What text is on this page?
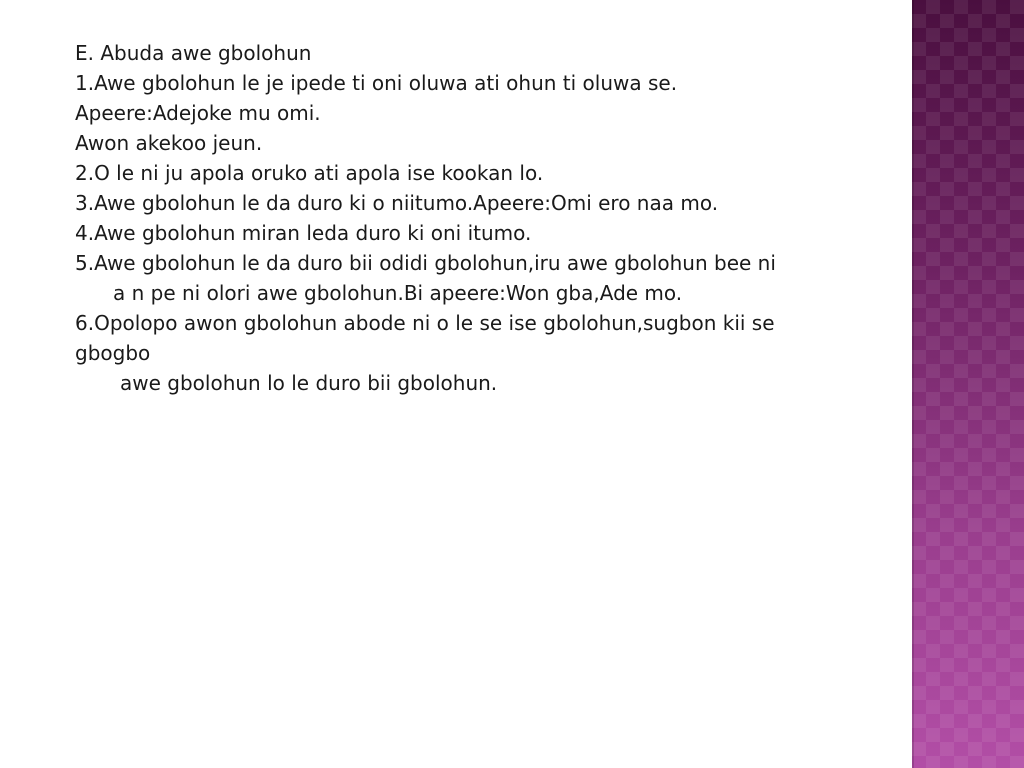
E. Abuda awe gbolohun
1.Awe gbolohun le je ipede ti oni oluwa ati ohun ti oluwa se.
Apeere:Adejoke mu omi.
Awon akekoo jeun.
2.O le ni ju apola oruko ati apola ise kookan lo.
3.Awe gbolohun le da duro ki o niitumo.Apeere:Omi ero naa mo.
4.Awe gbolohun miran leda duro ki oni itumo.
5.Awe gbolohun le da duro bii odidi gbolohun,iru awe gbolohun bee ni
a n pe ni olori awe gbolohun.Bi apeere:Won gba,Ade mo.
6.Opolopo awon gbolohun abode ni o le se ise gbolohun,sugbon kii se
gbogbo
awe gbolohun lo le duro bii gbolohun.
